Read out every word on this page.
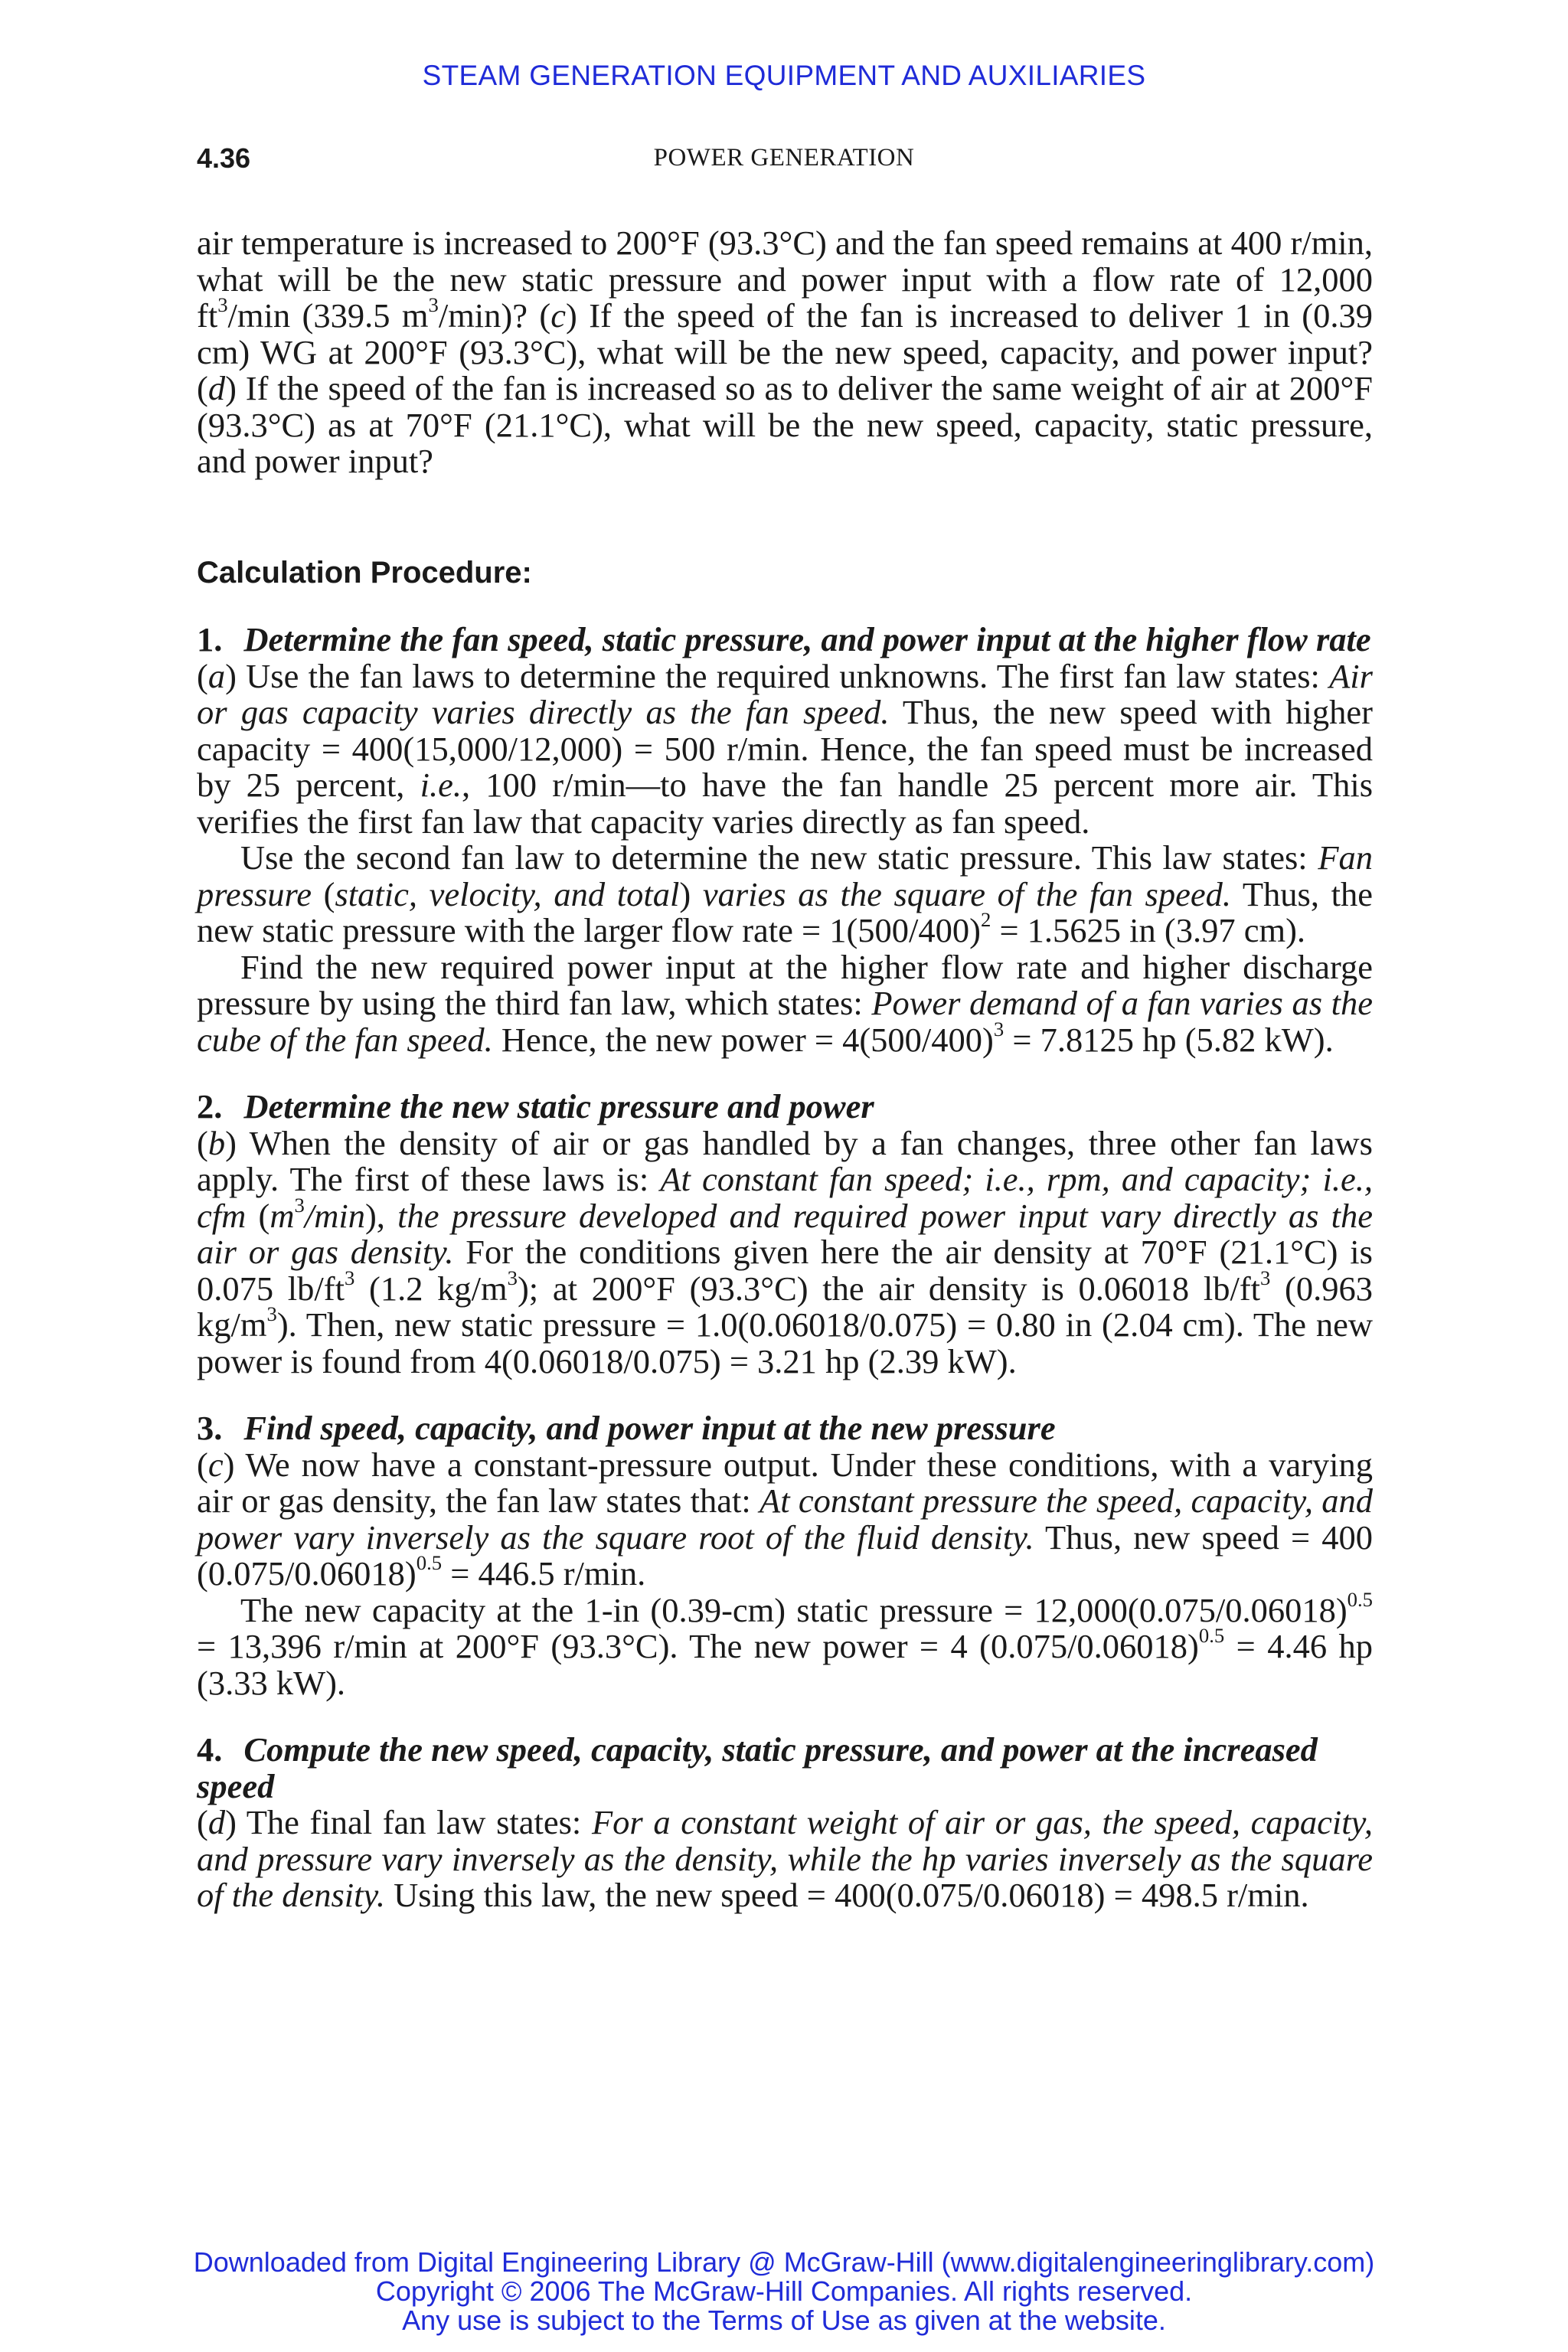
STEAM GENERATION EQUIPMENT AND AUXILIARIES
4.36	POWER GENERATION

air temperature is increased to 200°F (93.3°C) and the fan speed remains at 400 r/min, what will be the new static pressure and power input with a flow rate of 12,000 $ft^3/\min$ (339.5 $m^3/\min$)? (c) If the speed of the fan is increased to deliver 1 in (0.39 cm) WG at 200°F (93.3°C), what will be the new speed, capacity, and power input? (d) If the speed of the fan is increased so as to deliver the same weight of air at 200°F (93.3°C) as at 70°F (21.1°C), what will be the new speed, capacity, static pressure, and power input?

Calculation Procedure:

1. Determine the fan speed, static pressure, and power input at the higher flow rate

(a) Use the fan laws to determine the required unknowns. The first fan law states: Air or gas capacity varies directly as the fan speed. Thus, the new speed with higher capacity = 400(15,000/12,000) = 500 r/min. Hence, the fan speed must be increased by 25 percent, i.e., 100 r/min—to have the fan handle 25 percent more air. This verifies the first fan law that capacity varies directly as fan speed.

Use the second fan law to determine the new static pressure. This law states: Fan pressure (static, velocity, and total) varies as the square of the fan speed. Thus, the new static pressure with the larger flow rate = $1(500/400)^2 = 1.5625$ in (3.97 cm).

Find the new required power input at the higher flow rate and higher discharge pressure by using the third fan law, which states: Power demand of a fan varies as the cube of the fan speed. Hence, the new power = $4(500/400)^3 = 7.8125$ hp (5.82 kW).

2. Determine the new static pressure and power

(b) When the density of air or gas handled by a fan changes, three other fan laws apply. The first of these laws is: At constant fan speed; i.e., rpm, and capacity; i.e., cfm $(m^3/\min)$, the pressure developed and required power input vary directly as the air or gas density. For the conditions given here the air density at 70°F (21.1°C) is 0.075 $lb/ft^3$ (1.2 $kg/m^3$); at 200°F (93.3°C) the air density is 0.06018 $lb/ft^3$ (0.963 $kg/m^3$). Then, new static pressure = 1.0(0.06018/0.075) = 0.80 in (2.04 cm). The new power is found from 4(0.06018/0.075) = 3.21 hp (2.39 kW).

3. Find speed, capacity, and power input at the new pressure

(c) We now have a constant-pressure output. Under these conditions, with a varying air or gas density, the fan law states that: At constant pressure the speed, capacity, and power vary inversely as the square root of the fluid density. Thus, new speed = 400 $(0.075/0.06018)^{0.5} = 446.5$ r/min.

The new capacity at the 1-in (0.39-cm) static pressure = $12,000(0.075/0.06018)^{0.5} = 13,396$ r/min at 200°F (93.3°C). The new power = 4 $(0.075/0.06018)^{0.5} = 4.46$ hp (3.33 kW).

4. Compute the new speed, capacity, static pressure, and power at the increased speed

(d) The final fan law states: For a constant weight of air or gas, the speed, capacity, and pressure vary inversely as the density, while the hp varies inversely as the square of the density. Using this law, the new speed = 400(0.075/0.06018) = 498.5 r/min.

Downloaded from Digital Engineering Library @ McGraw-Hill (www.digitalengineeringlibrary.com)
Copyright © 2006 The McGraw-Hill Companies. All rights reserved.
Any use is subject to the Terms of Use as given at the website.
